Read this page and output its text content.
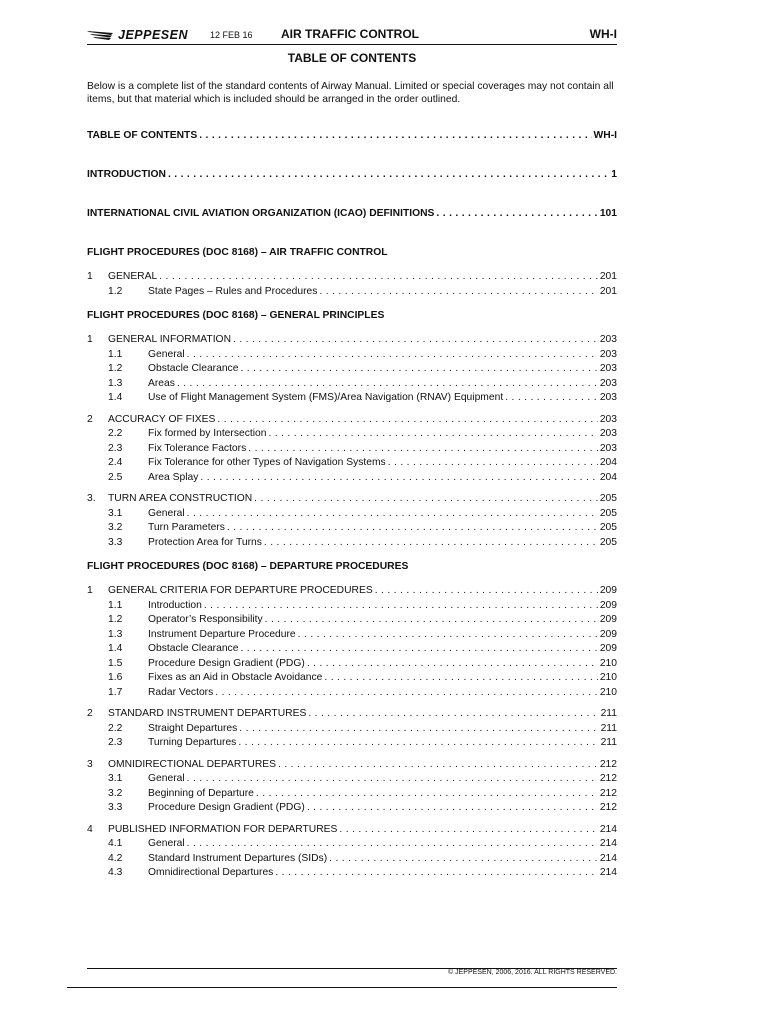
JEPPESEN 12 FEB 16 AIR TRAFFIC CONTROL	WH-I
TABLE OF CONTENTS
Below is a complete list of the standard contents of Airway Manual. Limited or special coverages may not contain all items, but that material which is included should be arranged in the order outlined.
TABLE OF CONTENTS . . .	WH-I
INTRODUCTION . . .	1
INTERNATIONAL CIVIL AVIATION ORGANIZATION (ICAO) DEFINITIONS . . .	101
FLIGHT PROCEDURES (DOC 8168) – AIR TRAFFIC CONTROL
1	GENERAL . . .	201
1.2	State Pages – Rules and Procedures . . .	201
FLIGHT PROCEDURES (DOC 8168) – GENERAL PRINCIPLES
1	GENERAL INFORMATION . . .	203
1.1	General . . .	203
1.2	Obstacle Clearance . . .	203
1.3	Areas . . .	203
1.4	Use of Flight Management System (FMS)/Area Navigation (RNAV) Equipment . . .	203
2	ACCURACY OF FIXES . . .	203
2.2	Fix formed by Intersection . . .	203
2.3	Fix Tolerance Factors . . .	203
2.4	Fix Tolerance for other Types of Navigation Systems . . .	204
2.5	Area Splay . . .	204
3.	TURN AREA CONSTRUCTION . . .	205
3.1	General . . .	205
3.2	Turn Parameters . . .	205
3.3	Protection Area for Turns . . .	205
FLIGHT PROCEDURES (DOC 8168) – DEPARTURE PROCEDURES
1	GENERAL CRITERIA FOR DEPARTURE PROCEDURES . . .	209
1.1	Introduction . . .	209
1.2	Operator’s Responsibility . . .	209
1.3	Instrument Departure Procedure . . .	209
1.4	Obstacle Clearance . . .	209
1.5	Procedure Design Gradient (PDG) . . .	210
1.6	Fixes as an Aid in Obstacle Avoidance . . .	210
1.7	Radar Vectors . . .	210
2	STANDARD INSTRUMENT DEPARTURES . . .	211
2.2	Straight Departures . . .	211
2.3	Turning Departures . . .	211
3	OMNIDIRECTIONAL DEPARTURES . . .	212
3.1	General . . .	212
3.2	Beginning of Departure . . .	212
3.3	Procedure Design Gradient (PDG) . . .	212
4	PUBLISHED INFORMATION FOR DEPARTURES . . .	214
4.1	General . . .	214
4.2	Standard Instrument Departures (SIDs) . . .	214
4.3	Omnidirectional Departures . . .	214
© JEPPESEN, 2006, 2016. ALL RIGHTS RESERVED.
